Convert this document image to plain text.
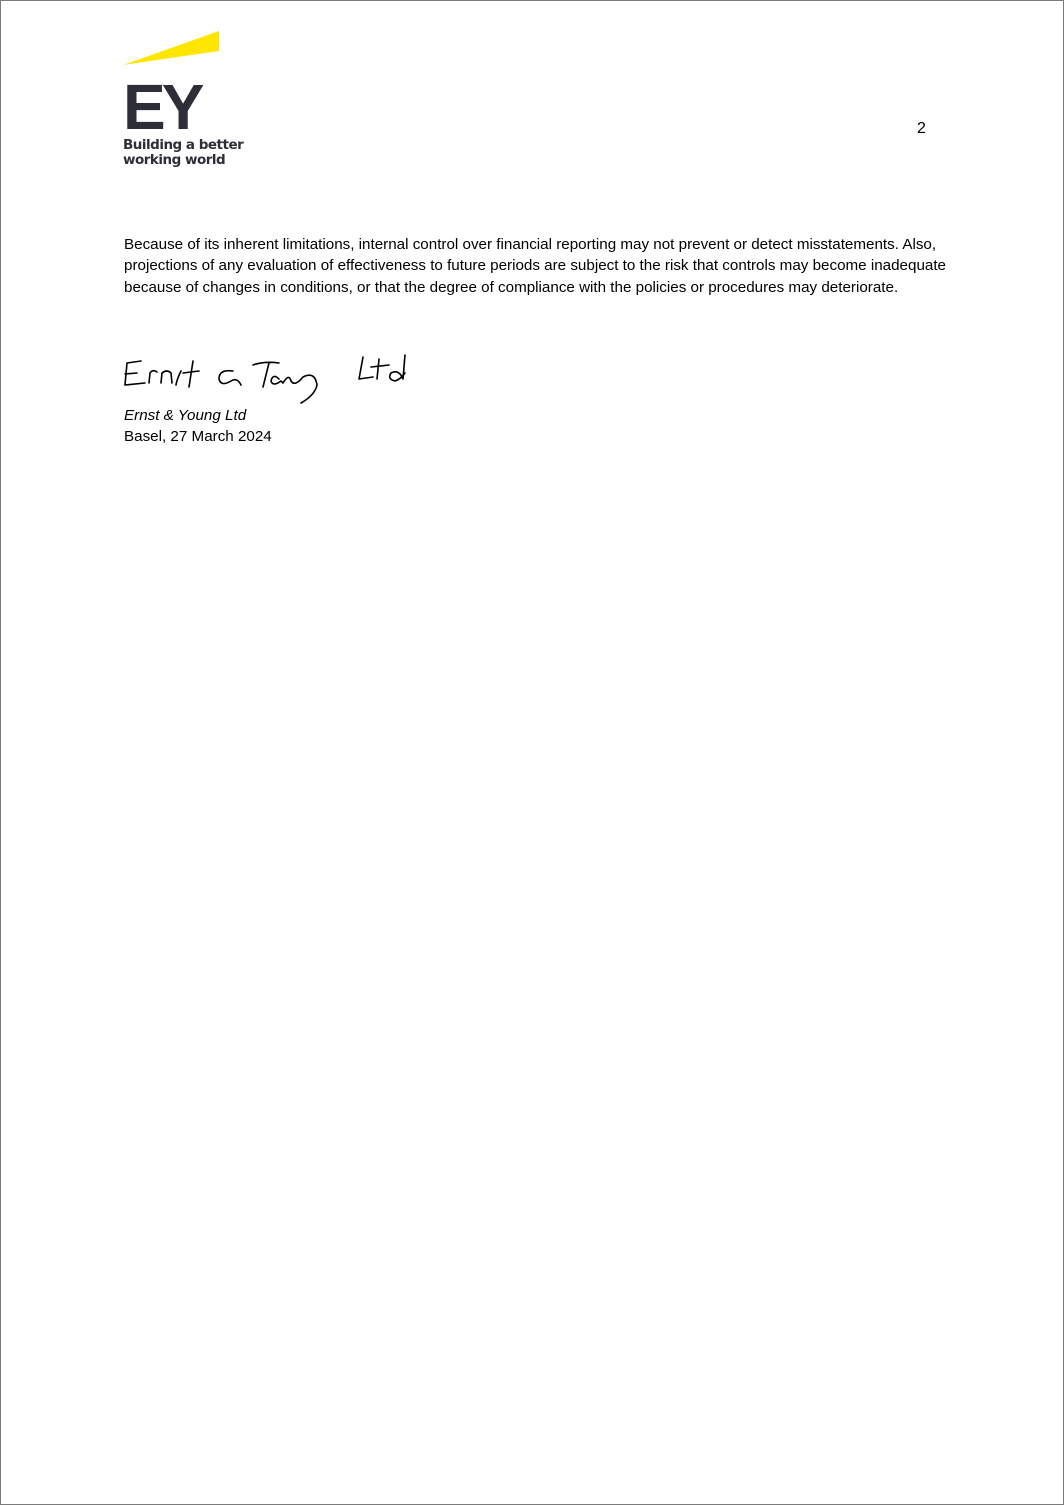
EY
Building a better
working world
2

Because of its inherent limitations, internal control over financial reporting may not prevent or detect misstatements. Also, projections of any evaluation of effectiveness to future periods are subject to the risk that controls may become inadequate because of changes in conditions, or that the degree of compliance with the policies or procedures may deteriorate.

Ernst & Young Ltd
Basel, 27 March 2024
